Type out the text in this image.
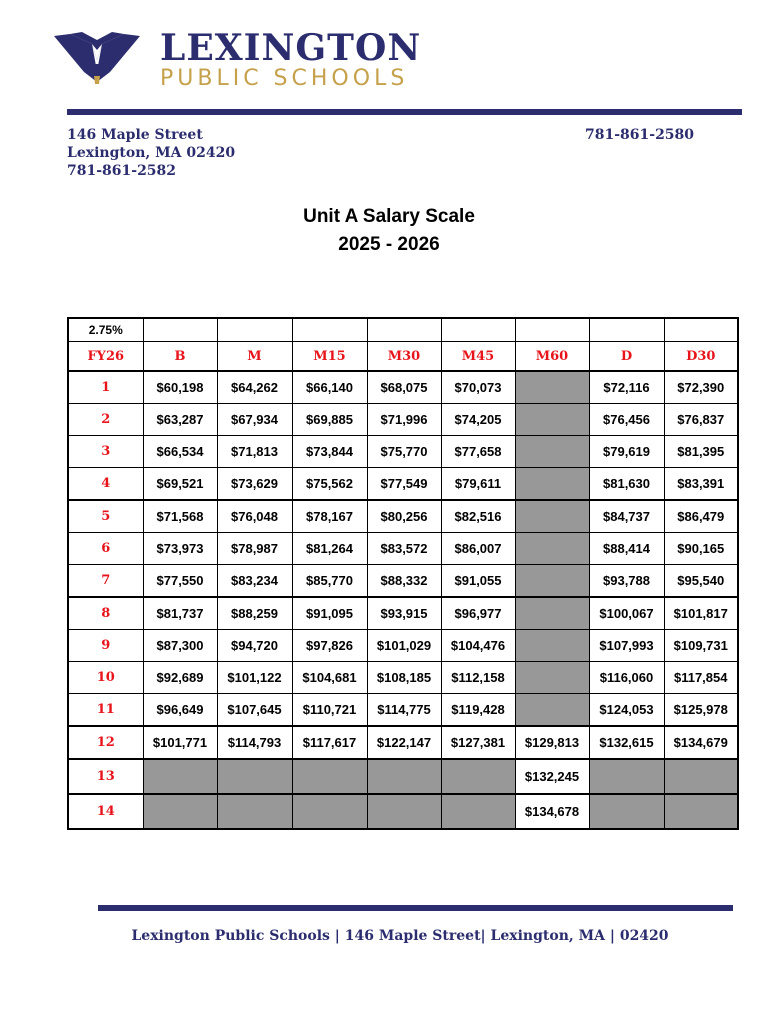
LEXINGTON
PUBLIC SCHOOLS
146 Maple Street
Lexington, MA 02420
781-861-2582
781-861-2580
Unit A Salary Scale
2025 - 2026
2.75%								
FY26	B	M	M15	M30	M45	M60	D	D30
1	$60,198	$64,262	$66,140	$68,075	$70,073		$72,116	$72,390
2	$63,287	$67,934	$69,885	$71,996	$74,205		$76,456	$76,837
3	$66,534	$71,813	$73,844	$75,770	$77,658		$79,619	$81,395
4	$69,521	$73,629	$75,562	$77,549	$79,611		$81,630	$83,391
5	$71,568	$76,048	$78,167	$80,256	$82,516		$84,737	$86,479
6	$73,973	$78,987	$81,264	$83,572	$86,007		$88,414	$90,165
7	$77,550	$83,234	$85,770	$88,332	$91,055		$93,788	$95,540
8	$81,737	$88,259	$91,095	$93,915	$96,977		$100,067	$101,817
9	$87,300	$94,720	$97,826	$101,029	$104,476		$107,993	$109,731
10	$92,689	$101,122	$104,681	$108,185	$112,158		$116,060	$117,854
11	$96,649	$107,645	$110,721	$114,775	$119,428		$124,053	$125,978
12	$101,771	$114,793	$117,617	$122,147	$127,381	$129,813	$132,615	$134,679
13						$132,245		
14						$134,678		
Lexington Public Schools | 146 Maple Street| Lexington, MA | 02420
